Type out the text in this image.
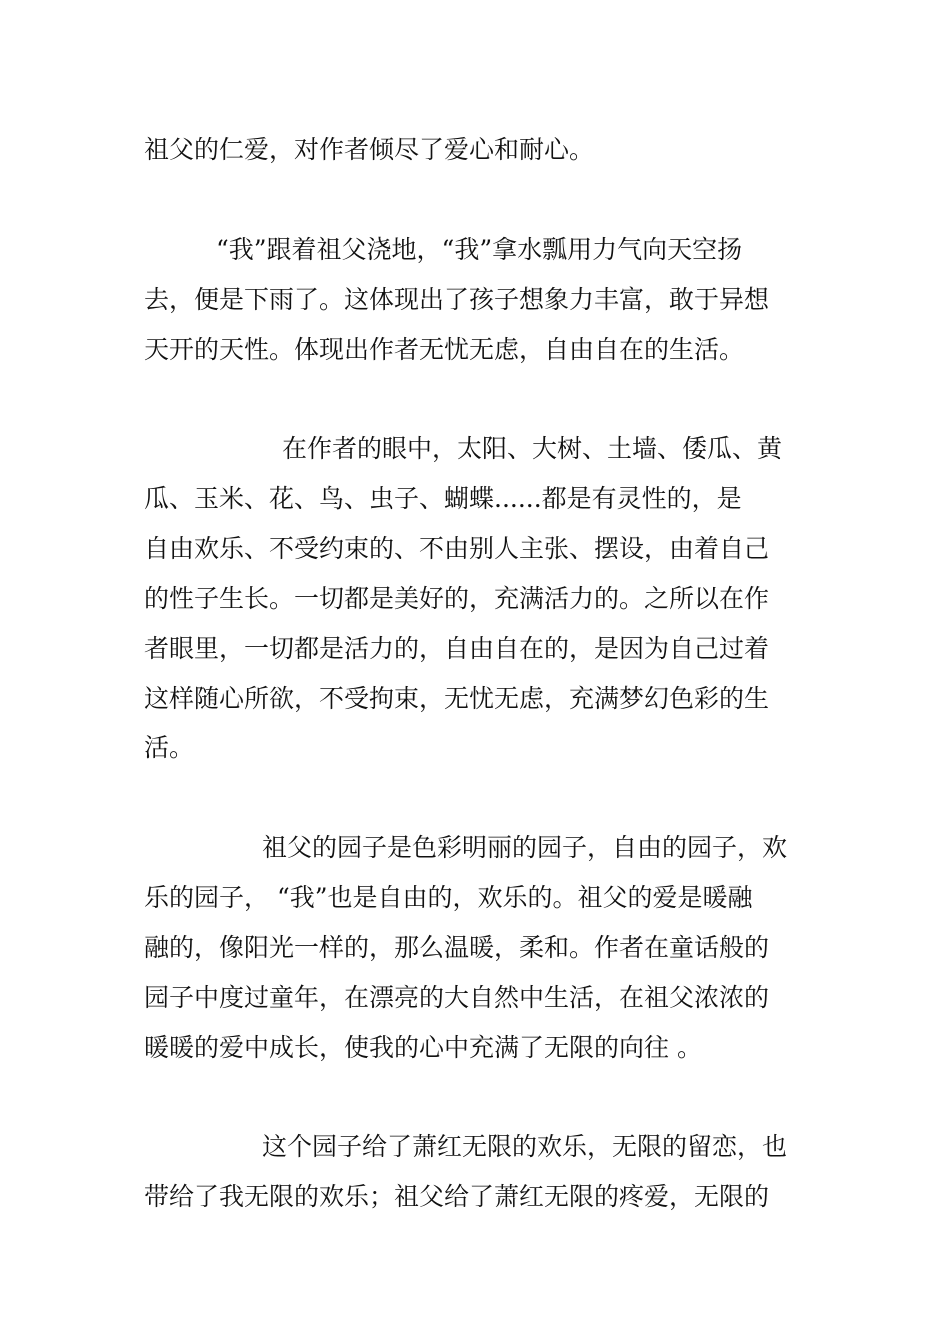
祖父的仁爱，对作者倾尽了爱心和耐心。
“我”跟着祖父浇地，“我”拿水瓢用力气向天空扬
去，便是下雨了。这体现出了孩子想象力丰富，敢于异想
天开的天性。体现出作者无忧无虑，自由自在的生活。
在作者的眼中，太阳、大树、土墙、倭瓜、黄
瓜、玉米、花、鸟、虫子、蝴蝶......都是有灵性的，是
自由欢乐、不受约束的、不由别人主张、摆设，由着自己
的性子生长。一切都是美好的，充满活力的。之所以在作
者眼里，一切都是活力的，自由自在的，是因为自己过着
这样随心所欲，不受拘束，无忧无虑，充满梦幻色彩的生
活。
祖父的园子是色彩明丽的园子，自由的园子，欢
乐的园子， “我”也是自由的，欢乐的。祖父的爱是暖融
融的，像阳光一样的，那么温暖，柔和。作者在童话般的
园子中度过童年，在漂亮的大自然中生活，在祖父浓浓的
暖暖的爱中成长，使我的心中充满了无限的向往 。
这个园子给了萧红无限的欢乐，无限的留恋，也
带给了我无限的欢乐；祖父给了萧红无限的疼爱，无限的
